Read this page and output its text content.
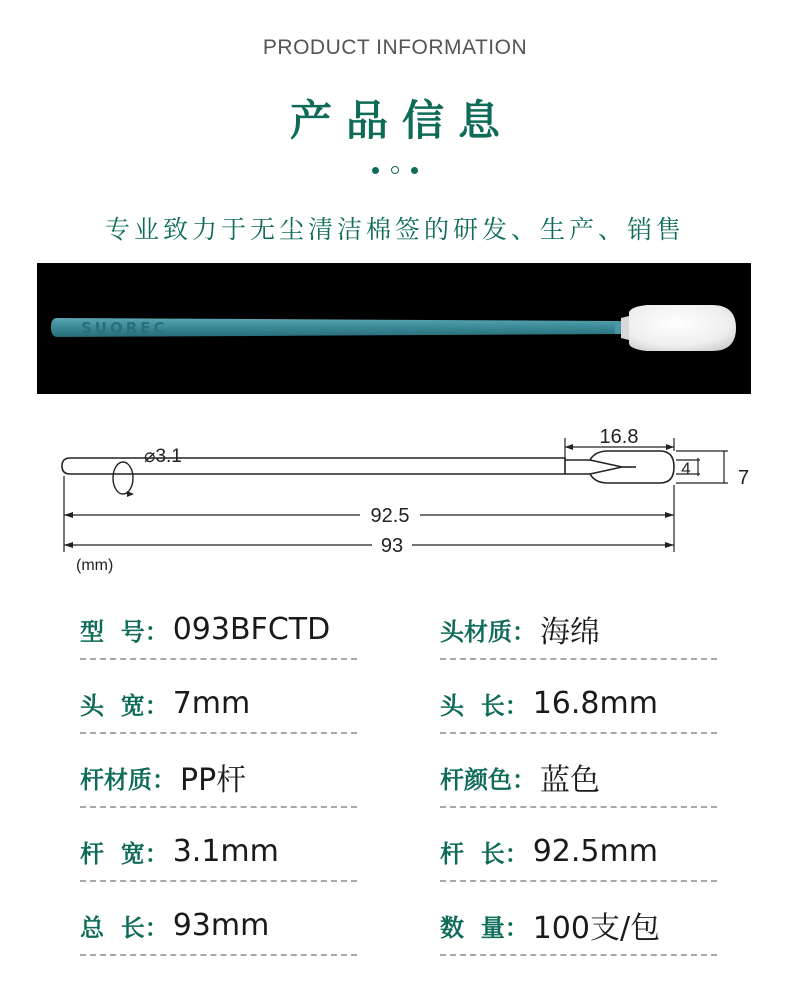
PRODUCT INFORMATION
产品信息
专业致力于无尘清洁棉签的研发、生产、销售
SUOREC
⌀3.1
16.8
4 7
92.5
93
(mm)
型  号： 093BFCTD	头材质： 海绵
头  宽： 7mm	头  长： 16.8mm
杆材质： PP杆	杆颜色： 蓝色
杆  宽： 3.1mm	杆  长： 92.5mm
总  长： 93mm	数  量： 100支/包
